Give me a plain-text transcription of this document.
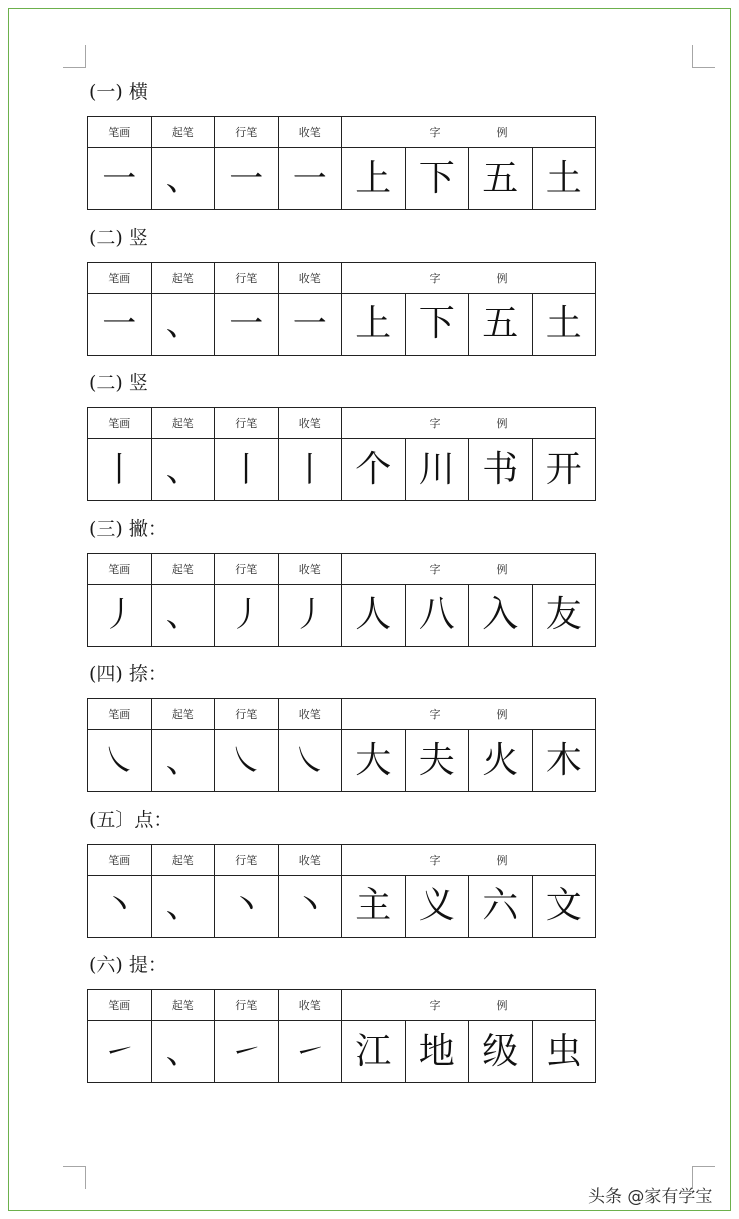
(一) 横
笔画	起笔	行笔	收笔	字 例			

一	、	一	一	上	下	五	土
(二) 竖
笔画	起笔	行笔	收笔	字 例			

一	、	一	一	上	下	五	土
(二) 竖
笔画	起笔	行笔	收笔	字 例			

丨	、	丨	丨	个	川	书	开
(三) 撇：
笔画	起笔	行笔	收笔	字 例			

丿	、	丿	丿	人	八	入	友
(四) 捺：
笔画	起笔	行笔	收笔	字 例			

㇏	、	㇏	㇏	大	夫	火	木
(五〕点：
笔画	起笔	行笔	收笔	字 例			

丶	、	丶	丶	主	义	六	文
(六) 提：
笔画	起笔	行笔	收笔	字 例			

㇀	、	㇀	㇀	江	地	级	虫
头条 @家有学宝
